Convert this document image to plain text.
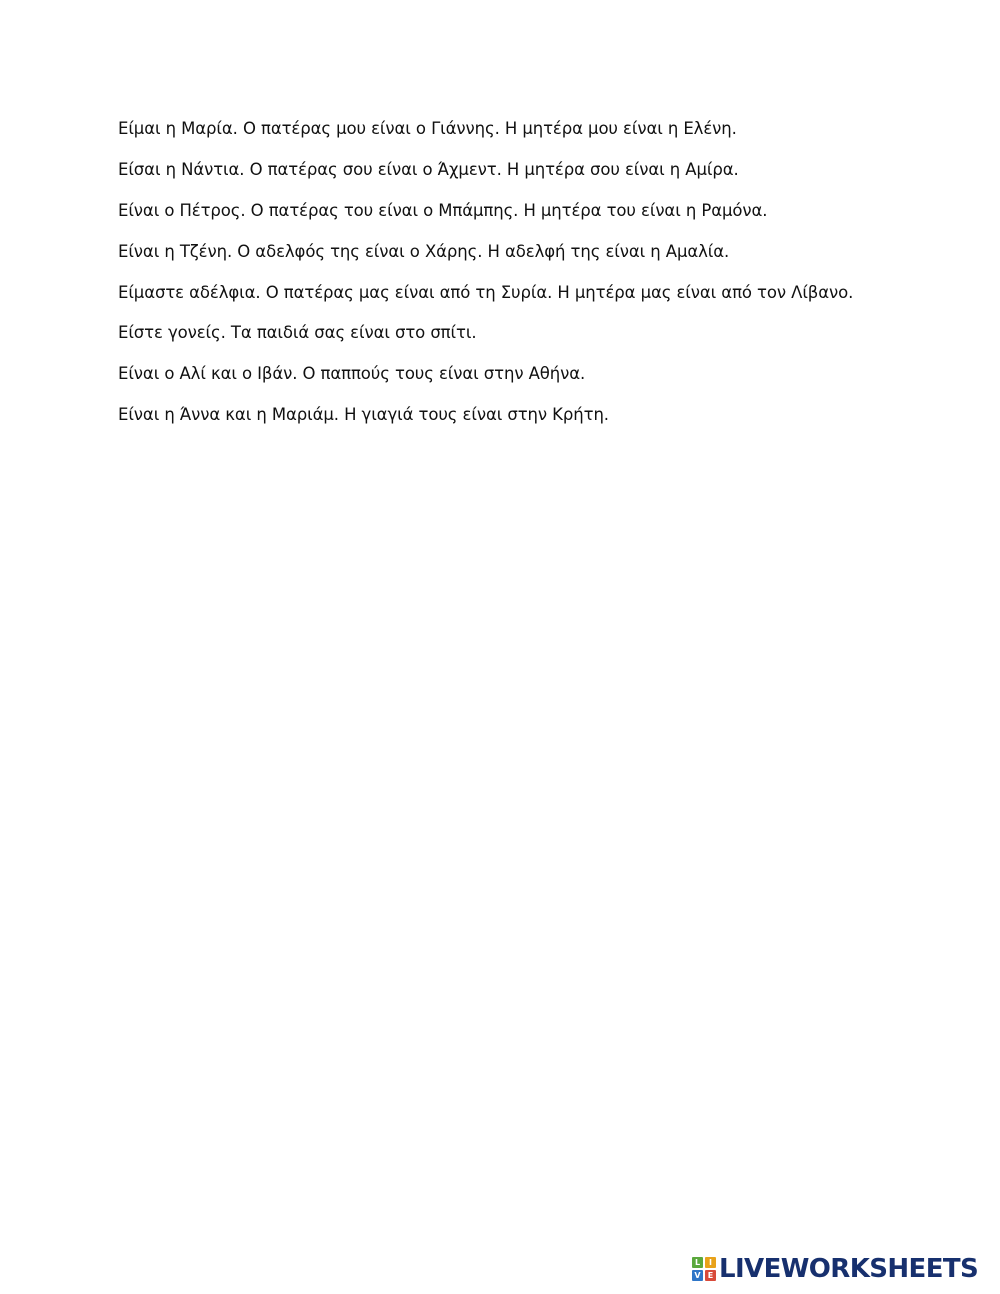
Είμαι η Μαρία. Ο πατέρας μου είναι ο Γιάννης. Η μητέρα μου είναι η Ελένη.

Είσαι η Νάντια. Ο πατέρας σου είναι ο Άχμεντ. Η μητέρα σου είναι η Αμίρα.

Είναι ο Πέτρος. Ο πατέρας του είναι ο Μπάμπης. Η μητέρα του είναι η Ραμόνα.

Είναι η Τζένη. Ο αδελφός της είναι ο Χάρης. Η αδελφή της είναι η Αμαλία.

Είμαστε αδέλφια. Ο πατέρας μας είναι από τη Συρία. Η μητέρα μας είναι από τον Λίβανο.

Είστε γονείς. Τα παιδιά σας είναι στο σπίτι.

Είναι ο Αλί και ο Ιβάν. Ο παππούς τους είναι στην Αθήνα.

Είναι η Άννα και η Μαριάμ. Η γιαγιά τους είναι στην Κρήτη.

L	I
V E LIVEWORKSHEETS
